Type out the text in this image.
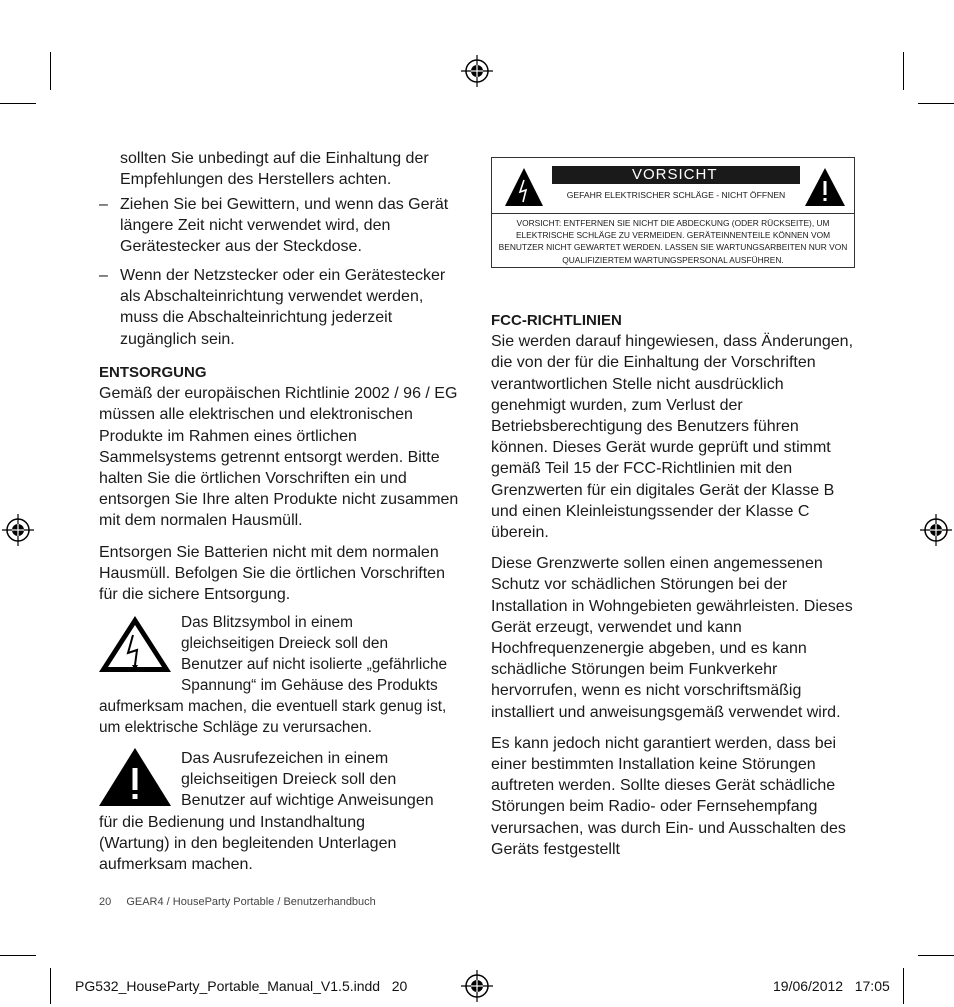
sollten Sie unbedingt auf die Einhaltung der Empfehlungen des Herstellers achten.

– Ziehen Sie bei Gewittern, und wenn das Gerät längere Zeit nicht verwendet wird, den Gerätestecker aus der Steckdose.
– Wenn der Netzstecker oder ein Gerätestecker als Abschalteinrichtung verwendet werden, muss die Abschalteinrichtung jederzeit zugänglich sein.

ENTSORGUNG

Gemäß der europäischen Richtlinie 2002 / 96 / EG müssen alle elektrischen und elektronischen Produkte im Rahmen eines örtlichen Sammelsystems getrennt entsorgt werden. Bitte halten Sie die örtlichen Vorschriften ein und entsorgen Sie Ihre alten Produkte nicht zusammen mit dem normalen Hausmüll.

Entsorgen Sie Batterien nicht mit dem normalen Hausmüll. Befolgen Sie die örtlichen Vorschriften für die sichere Entsorgung.

Das Blitzsymbol in einem
gleichseitigen Dreieck soll den
Benutzer auf nicht isolierte „gefährliche
Spannung“ im Gehäuse des Produkts
aufmerksam machen, die eventuell stark genug ist, um elektrische Schläge zu verursachen.
Das Ausrufezeichen in einem
gleichseitigen Dreieck soll den
Benutzer auf wichtige Anweisungen
für die Bedienung und Instandhaltung (Wartung) in den begleitenden Unterlagen aufmerksam machen.
VORSICHT
GEFAHR ELEKTRISCHER SCHLÄGE - NICHT ÖFFNEN
VORSICHT: ENTFERNEN SIE NICHT DIE ABDECKUNG (ODER RÜCKSEITE), UM ELEKTRISCHE SCHLÄGE ZU VERMEIDEN. GERÄTEINNENTEILE KÖNNEN VOM BENUTZER NICHT GEWARTET WERDEN. LASSEN SIE WARTUNGSARBEITEN NUR VON QUALIFIZIERTEM WARTUNGSPERSONAL AUSFÜHREN.

FCC-RICHTLINIEN

Sie werden darauf hingewiesen, dass Änderungen, die von der für die Einhaltung der Vorschriften verantwortlichen Stelle nicht ausdrücklich genehmigt wurden, zum Verlust der Betriebsberechtigung des Benutzers führen können. Dieses Gerät wurde geprüft und stimmt gemäß Teil 15 der FCC-Richtlinien mit den Grenzwerten für ein digitales Gerät der Klasse B und einen Kleinleistungssender der Klasse C überein.

Diese Grenzwerte sollen einen angemessenen Schutz vor schädlichen Störungen bei der Installation in Wohngebieten gewährleisten. Dieses Gerät erzeugt, verwendet und kann Hochfrequenzenergie abgeben, und es kann schädliche Störungen beim Funkverkehr hervorrufen, wenn es nicht vorschriftsmäßig installiert und anweisungsgemäß verwendet wird.

Es kann jedoch nicht garantiert werden, dass bei einer bestimmten Installation keine Störungen auftreten werden. Sollte dieses Gerät schädliche Störungen beim Radio- oder Fernsehempfang verursachen, was durch Ein- und Ausschalten des Geräts festgestellt

20 GEAR4 / HouseParty Portable / Benutzerhandbuch
PG532_HouseParty_Portable_Manual_V1.5.indd   20	19/06/2012   17:05
